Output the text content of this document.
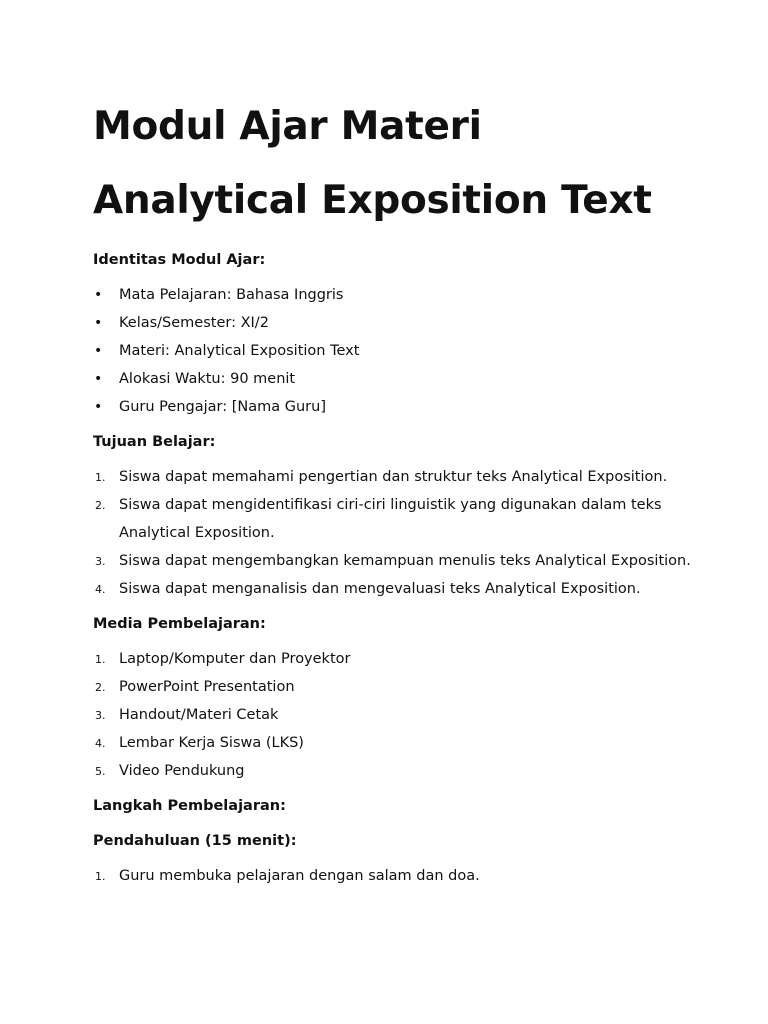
Modul Ajar Materi Analytical Exposition Text

Identitas Modul Ajar:

• Mata Pelajaran: Bahasa Inggris
• Kelas/Semester: XI/2
• Materi: Analytical Exposition Text
• Alokasi Waktu: 90 menit
• Guru Pengajar: [Nama Guru]

Tujuan Belajar:

1. Siswa dapat memahami pengertian dan struktur teks Analytical Exposition.
2. Siswa dapat mengidentifikasi ciri-ciri linguistik yang digunakan dalam teks Analytical Exposition.
3. Siswa dapat mengembangkan kemampuan menulis teks Analytical Exposition.
4. Siswa dapat menganalisis dan mengevaluasi teks Analytical Exposition.

Media Pembelajaran:

1. Laptop/Komputer dan Proyektor
2. PowerPoint Presentation
3. Handout/Materi Cetak
4. Lembar Kerja Siswa (LKS)
5. Video Pendukung

Langkah Pembelajaran:

Pendahuluan (15 menit):

1. Guru membuka pelajaran dengan salam dan doa.
